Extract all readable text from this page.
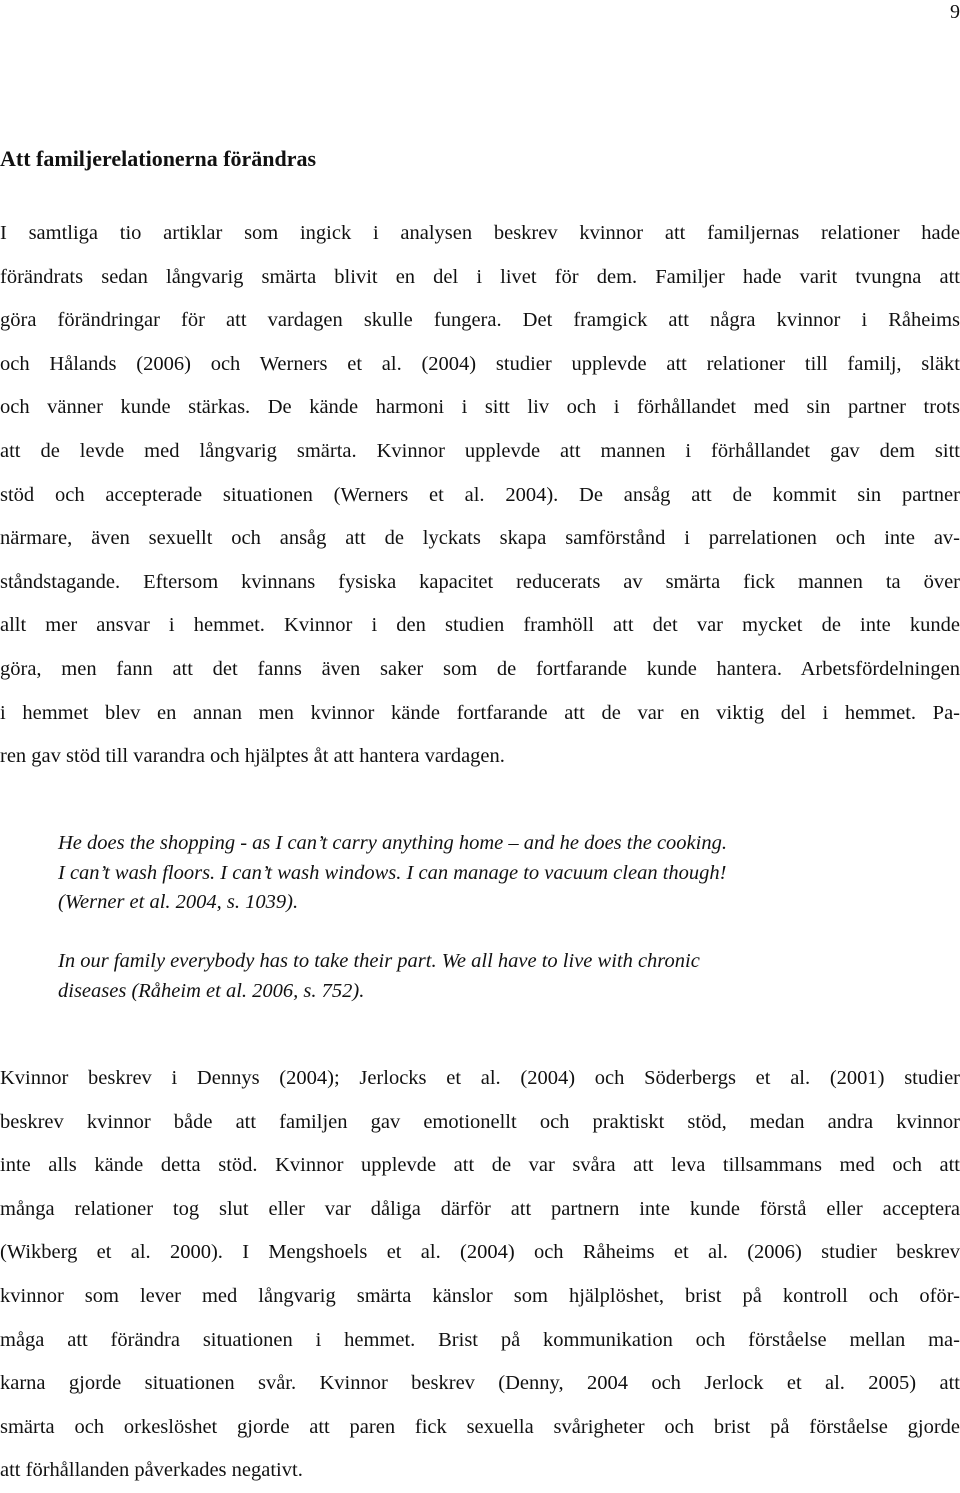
9
Att familjerelationerna förändras
I samtliga tio artiklar som ingick i analysen beskrev kvinnor att familjernas relationer hade
förändrats sedan långvarig smärta blivit en del i livet för dem. Familjer hade varit tvungna att
göra förändringar för att vardagen skulle fungera. Det framgick att några kvinnor i Råheims
och Hålands (2006) och Werners et al. (2004) studier upplevde att relationer till familj, släkt
och vänner kunde stärkas. De kände harmoni i sitt liv och i förhållandet med sin partner trots
att de levde med långvarig smärta. Kvinnor upplevde att mannen i förhållandet gav dem sitt
stöd och accepterade situationen (Werners et al. 2004). De ansåg att de kommit sin partner
närmare, även sexuellt och ansåg att de lyckats skapa samförstånd i parrelationen och inte av-
ståndstagande. Eftersom kvinnans fysiska kapacitet reducerats av smärta fick mannen ta över
allt mer ansvar i hemmet. Kvinnor i den studien framhöll att det var mycket de inte kunde
göra, men fann att det fanns även saker som de fortfarande kunde hantera. Arbetsfördelningen
i hemmet blev en annan men kvinnor kände fortfarande att de var en viktig del i hemmet. Pa-
ren gav stöd till varandra och hjälptes åt att hantera vardagen.
He does the shopping - as I can’t carry anything home – and he does the cooking.
I can’t wash floors. I can’t wash windows. I can manage to vacuum clean though!
(Werner et al. 2004, s. 1039).
In our family everybody has to take their part. We all have to live with chronic
diseases (Råheim et al. 2006, s. 752).
Kvinnor beskrev i Dennys (2004); Jerlocks et al. (2004) och Söderbergs et al. (2001) studier
beskrev kvinnor både att familjen gav emotionellt och praktiskt stöd, medan andra kvinnor
inte alls kände detta stöd. Kvinnor upplevde att de var svåra att leva tillsammans med och att
många relationer tog slut eller var dåliga därför att partnern inte kunde förstå eller acceptera
(Wikberg et al. 2000). I Mengshoels et al. (2004) och Råheims et al. (2006) studier beskrev
kvinnor som lever med långvarig smärta känslor som hjälplöshet, brist på kontroll och oför-
måga att förändra situationen i hemmet. Brist på kommunikation och förståelse mellan ma-
karna gjorde situationen svår. Kvinnor beskrev (Denny, 2004 och Jerlock et al. 2005) att
smärta och orkeslöshet gjorde att paren fick sexuella svårigheter och brist på förståelse gjorde
att förhållanden påverkades negativt.
